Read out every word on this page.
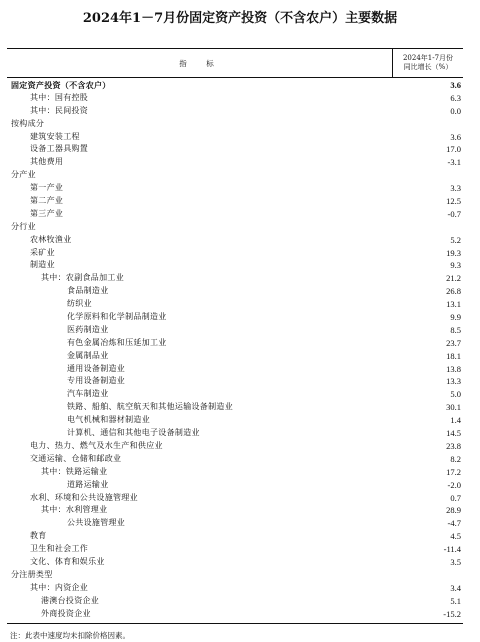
2024年1－7月份固定资产投资（不含农户）主要数据
指　标
2024年1-7月份
同比增长（%）
固定资产投资（不含农户）	3.6
其中：国有控股	6.3
其中：民间投资	0.0
按构成分
建筑安装工程	3.6
设备工器具购置	17.0
其他费用	-3.1
分产业
第一产业	3.3
第二产业	12.5
第三产业	-0.7
分行业
农林牧渔业	5.2
采矿业	19.3
制造业	9.3
其中：农副食品加工业	21.2
食品制造业	26.8
纺织业	13.1
化学原料和化学制品制造业	9.9
医药制造业	8.5
有色金属冶炼和压延加工业	23.7
金属制品业	18.1
通用设备制造业	13.8
专用设备制造业	13.3
汽车制造业	5.0
铁路、船舶、航空航天和其他运输设备制造业	30.1
电气机械和器材制造业	1.4
计算机、通信和其他电子设备制造业	14.5
电力、热力、燃气及水生产和供应业	23.8
交通运输、仓储和邮政业	8.2
其中：铁路运输业	17.2
道路运输业	-2.0
水利、环境和公共设施管理业	0.7
其中：水利管理业	28.9
公共设施管理业	-4.7
教育	4.5
卫生和社会工作	-11.4
文化、体育和娱乐业	3.5
分注册类型
其中：内资企业	3.4
港澳台投资企业	5.1
外商投资企业	-15.2
注：此表中速度均未扣除价格因素。
